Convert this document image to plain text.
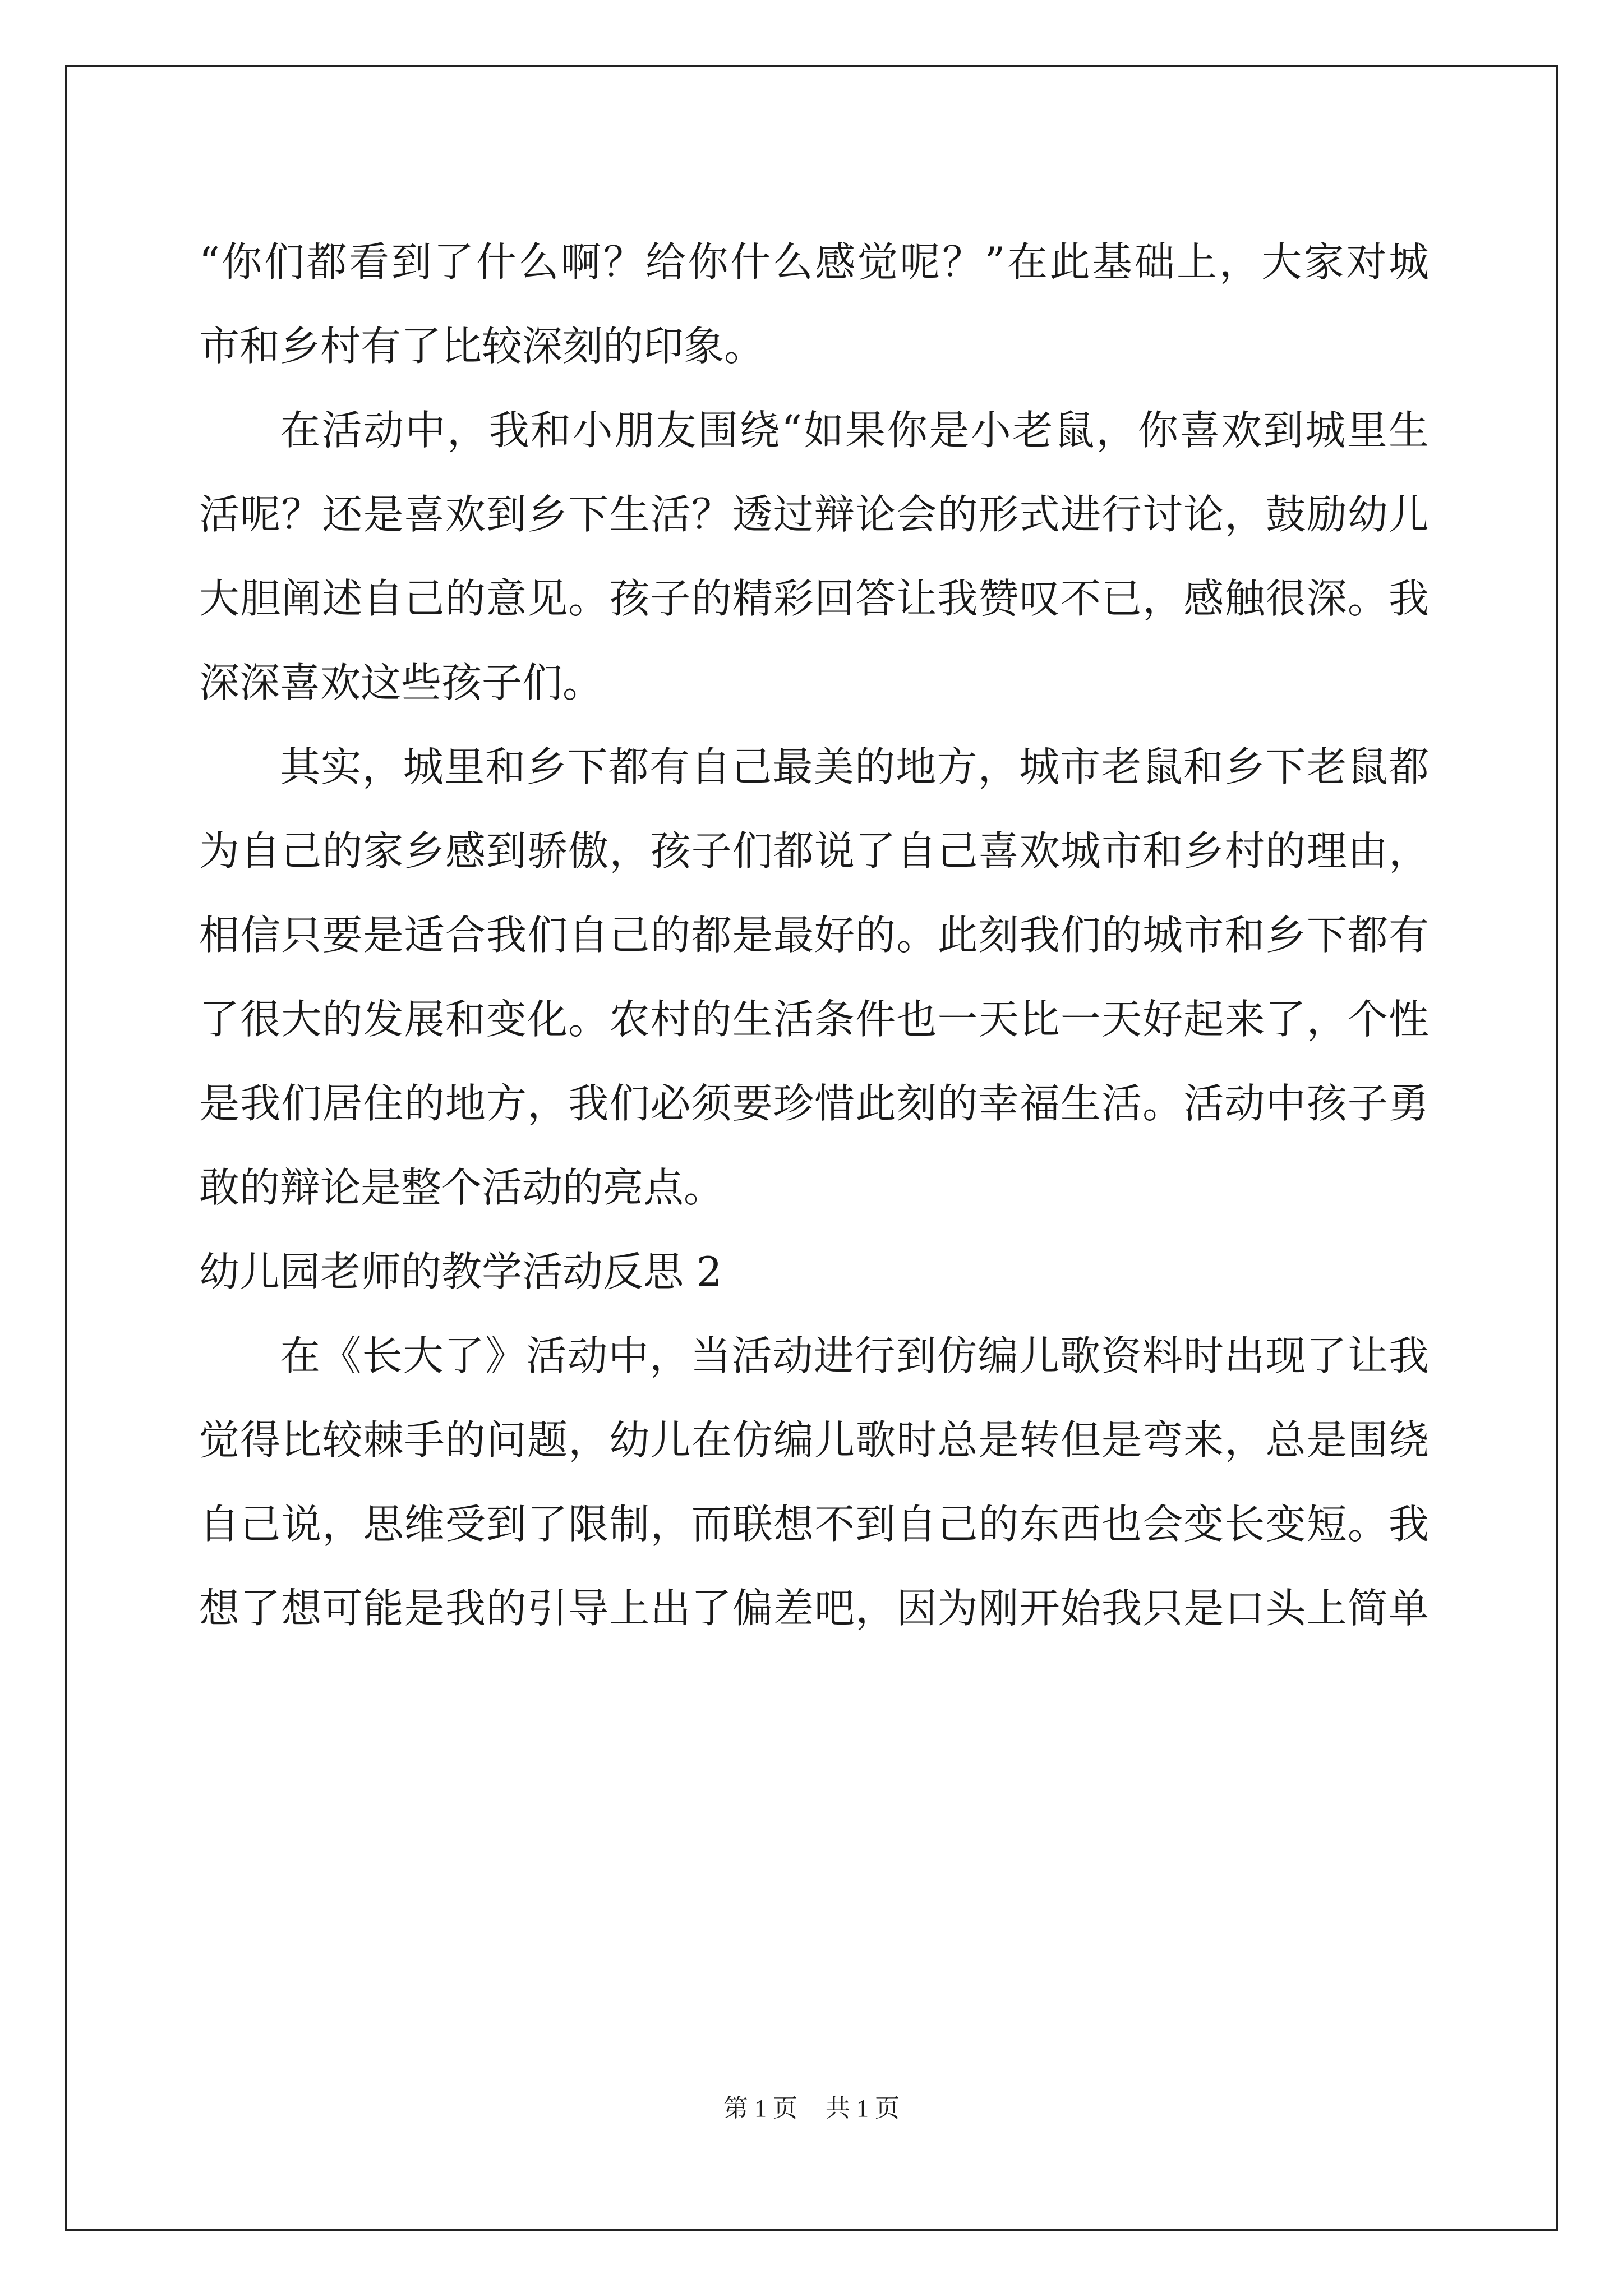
“你们都看到了什么啊？给你什么感觉呢？”在此基础上，大家对城
市和乡村有了比较深刻的印象。
在活动中，我和小朋友围绕“如果你是小老鼠，你喜欢到城里生
活呢？还是喜欢到乡下生活？透过辩论会的形式进行讨论，鼓励幼儿
大胆阐述自己的意见。孩子的精彩回答让我赞叹不已，感触很深。我
深深喜欢这些孩子们。
其实，城里和乡下都有自己最美的地方，城市老鼠和乡下老鼠都
为自己的家乡感到骄傲，孩子们都说了自己喜欢城市和乡村的理由，
相信只要是适合我们自己的都是最好的。此刻我们的城市和乡下都有
了很大的发展和变化。农村的生活条件也一天比一天好起来了，个性
是我们居住的地方，我们必须要珍惜此刻的幸福生活。活动中孩子勇
敢的辩论是整个活动的亮点。
幼儿园老师的教学活动反思 2
在《长大了》活动中，当活动进行到仿编儿歌资料时出现了让我
觉得比较棘手的问题，幼儿在仿编儿歌时总是转但是弯来，总是围绕
自己说，思维受到了限制，而联想不到自己的东西也会变长变短。我
想了想可能是我的引导上出了偏差吧，因为刚开始我只是口头上简单
第 1 页 共 1 页
